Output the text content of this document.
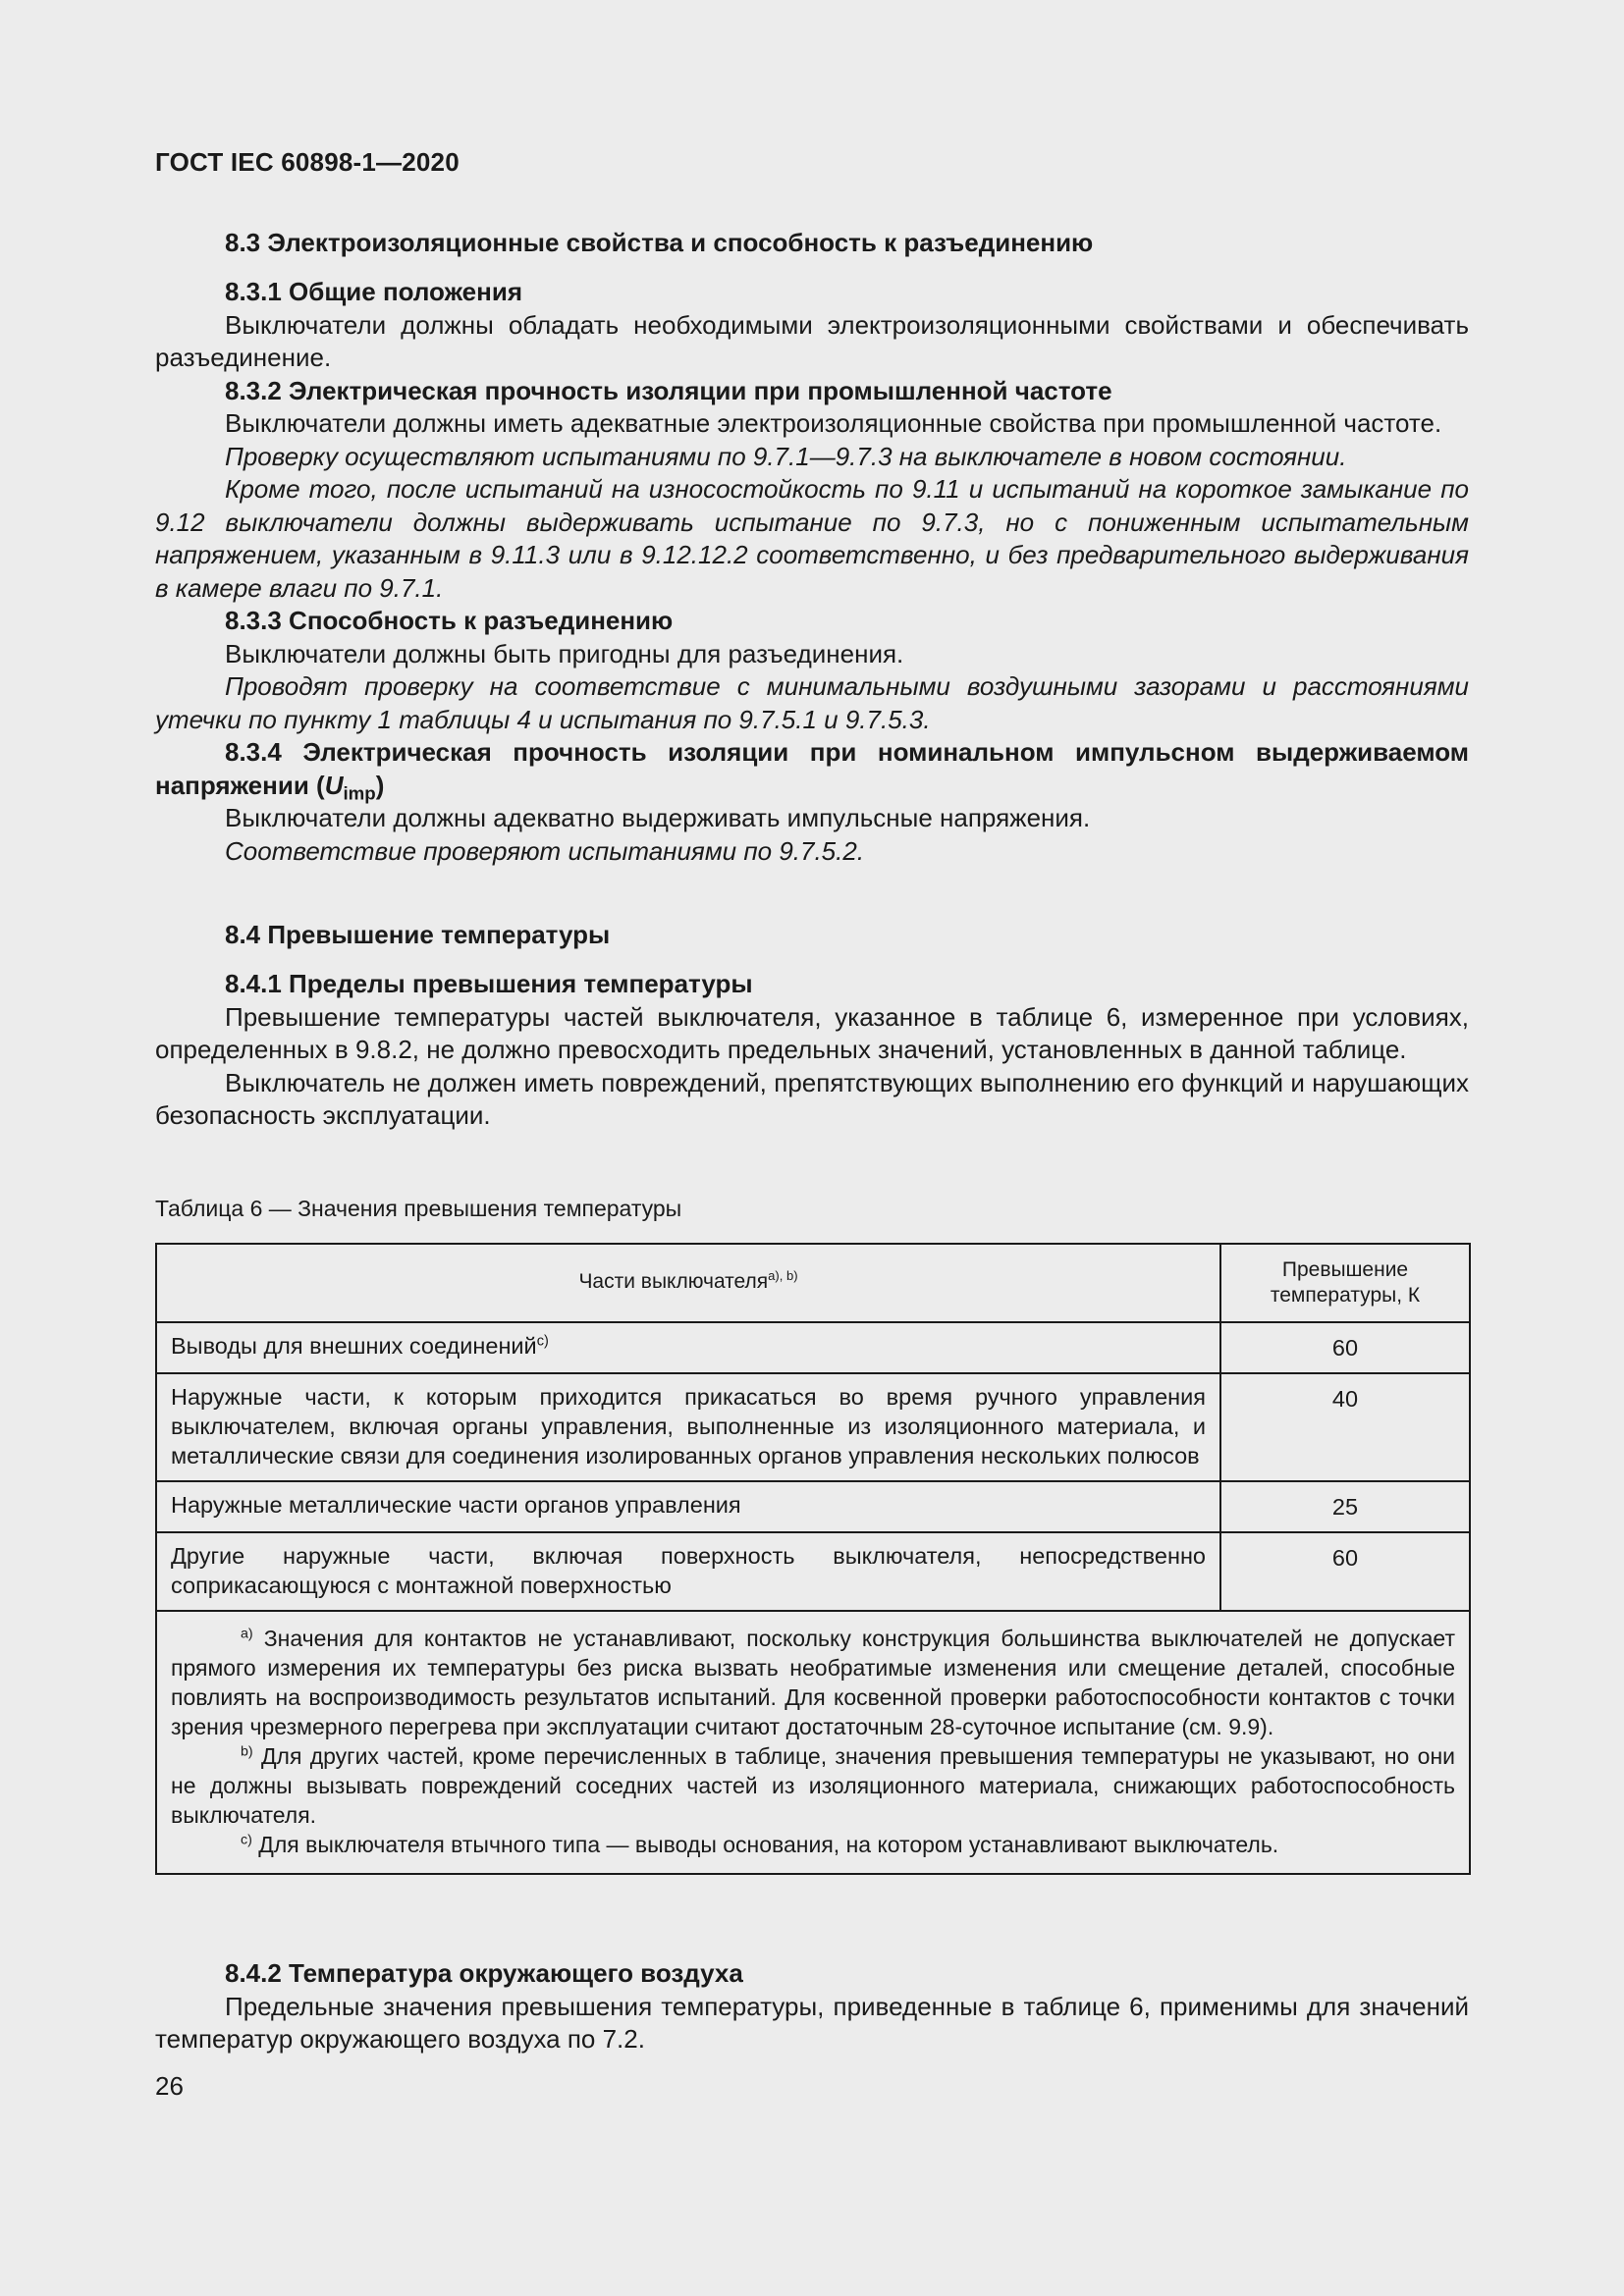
ГОСТ IEC 60898-1—2020

8.3 Электроизоляционные свойства и способность к разъединению

8.3.1 Общие положения

Выключатели должны обладать необходимыми электроизоляционными свойствами и обеспечивать разъединение.

8.3.2 Электрическая прочность изоляции при промышленной частоте

Выключатели должны иметь адекватные электроизоляционные свойства при промышленной частоте.

Проверку осуществляют испытаниями по 9.7.1—9.7.3 на выключателе в новом состоянии.

Кроме того, после испытаний на износостойкость по 9.11 и испытаний на короткое замыкание по 9.12 выключатели должны выдерживать испытание по 9.7.3, но с пониженным испытательным напряжением, указанным в 9.11.3 или в 9.12.12.2 соответственно, и без предварительного выдерживания в камере влаги по 9.7.1.

8.3.3 Способность к разъединению

Выключатели должны быть пригодны для разъединения.

Проводят проверку на соответствие с минимальными воздушными зазорами и расстояниями утечки по пункту 1 таблицы 4 и испытания по 9.7.5.1 и 9.7.5.3.

8.3.4 Электрическая прочность изоляции при номинальном импульсном выдерживаемом напряжении $(U_{imp})$

Выключатели должны адекватно выдерживать импульсные напряжения.

Соответствие проверяют испытаниями по 9.7.5.2.

8.4 Превышение температуры

8.4.1 Пределы превышения температуры

Превышение температуры частей выключателя, указанное в таблице 6, измеренное при условиях, определенных в 9.8.2, не должно превосходить предельных значений, установленных в данной таблице.

Выключатель не должен иметь повреждений, препятствующих выполнению его функций и нарушающих безопасность эксплуатации.

Таблица 6 — Значения превышения температуры
Части выключателя$^{a), b)}$	Превышение
температуры, К
Выводы для внешних соединений$^{c)}$	60
Наружные части, к которым приходится прикасаться во время ручного управления выключателем, включая органы управления, выполненные из изоляционного материала, и металлические связи для соединения изолированных органов управления нескольких полюсов	40
Наружные металлические части органов управления	25
Другие наружные части, включая поверхность выключателя, непосредственно соприкасающуюся с монтажной поверхностью	60

$^{a)}$ Значения для контактов не устанавливают, поскольку конструкция большинства выключателей не допускает прямого измерения их температуры без риска вызвать необратимые изменения или смещение деталей, способные повлиять на воспроизводимость результатов испытаний. Для косвенной проверки работоспособности контактов с точки зрения чрезмерного перегрева при эксплуатации считают достаточным 28-суточное испытание (см. 9.9).

$^{b)}$ Для других частей, кроме перечисленных в таблице, значения превышения температуры не указывают, но они не должны вызывать повреждений соседних частей из изоляционного материала, снижающих работоспособность выключателя.

$^{c)}$ Для выключателя втычного типа — выводы основания, на котором устанавливают выключатель.	

8.4.2 Температура окружающего воздуха

Предельные значения превышения температуры, приведенные в таблице 6, применимы для значений температур окружающего воздуха по 7.2.

26
